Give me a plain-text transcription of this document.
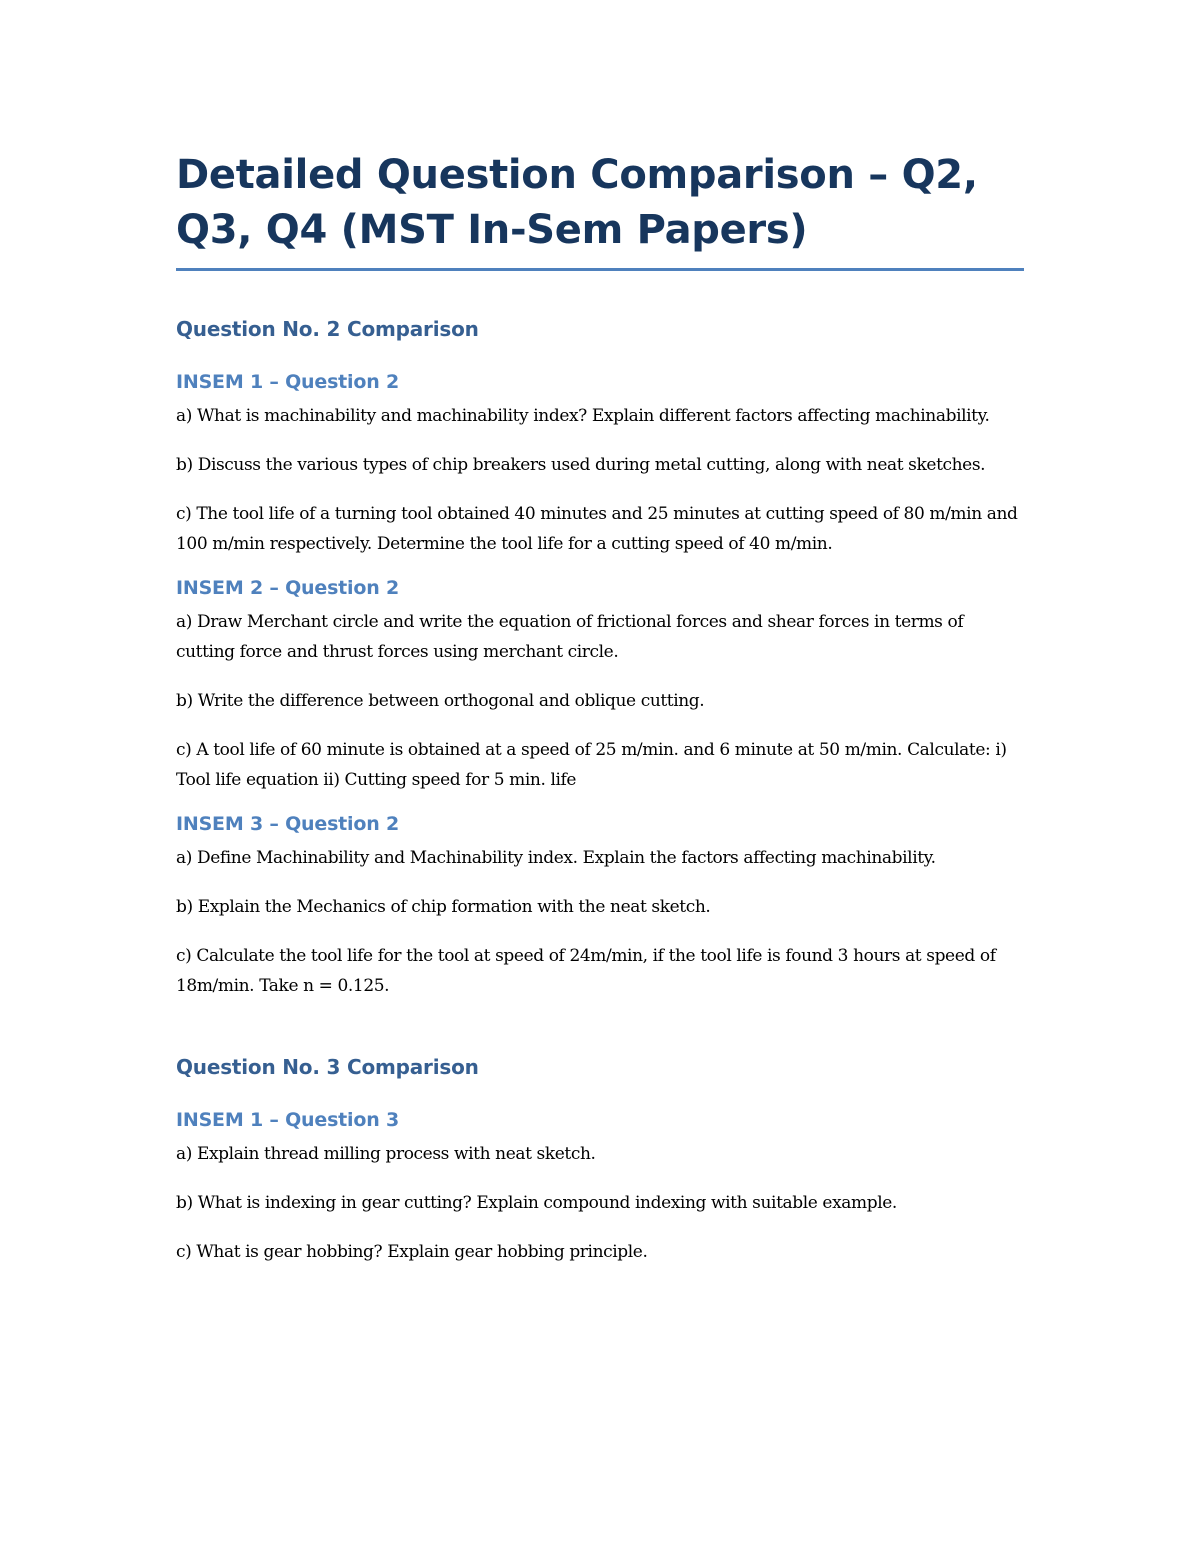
Detailed Question Comparison – Q2, Q3, Q4 (MST In-Sem Papers)
Question No. 2 Comparison
INSEM 1 – Question 2

a) What is machinability and machinability index? Explain different factors affecting machinability.

b) Discuss the various types of chip breakers used during metal cutting, along with neat sketches.

c) The tool life of a turning tool obtained 40 minutes and 25 minutes at cutting speed of 80 m/min and 100 m/min respectively. Determine the tool life for a cutting speed of 40 m/min.

INSEM 2 – Question 2

a) Draw Merchant circle and write the equation of frictional forces and shear forces in terms of cutting force and thrust forces using merchant circle.

b) Write the difference between orthogonal and oblique cutting.

c) A tool life of 60 minute is obtained at a speed of 25 m/min. and 6 minute at 50 m/min. Calculate: i) Tool life equation ii) Cutting speed for 5 min. life

INSEM 3 – Question 2

a) Define Machinability and Machinability index. Explain the factors affecting machinability.

b) Explain the Mechanics of chip formation with the neat sketch.

c) Calculate the tool life for the tool at speed of 24m/min, if the tool life is found 3 hours at speed of 18m/min. Take n = 0.125.

Question No. 3 Comparison
INSEM 1 – Question 3

a) Explain thread milling process with neat sketch.

b) What is indexing in gear cutting? Explain compound indexing with suitable example.

c) What is gear hobbing? Explain gear hobbing principle.
